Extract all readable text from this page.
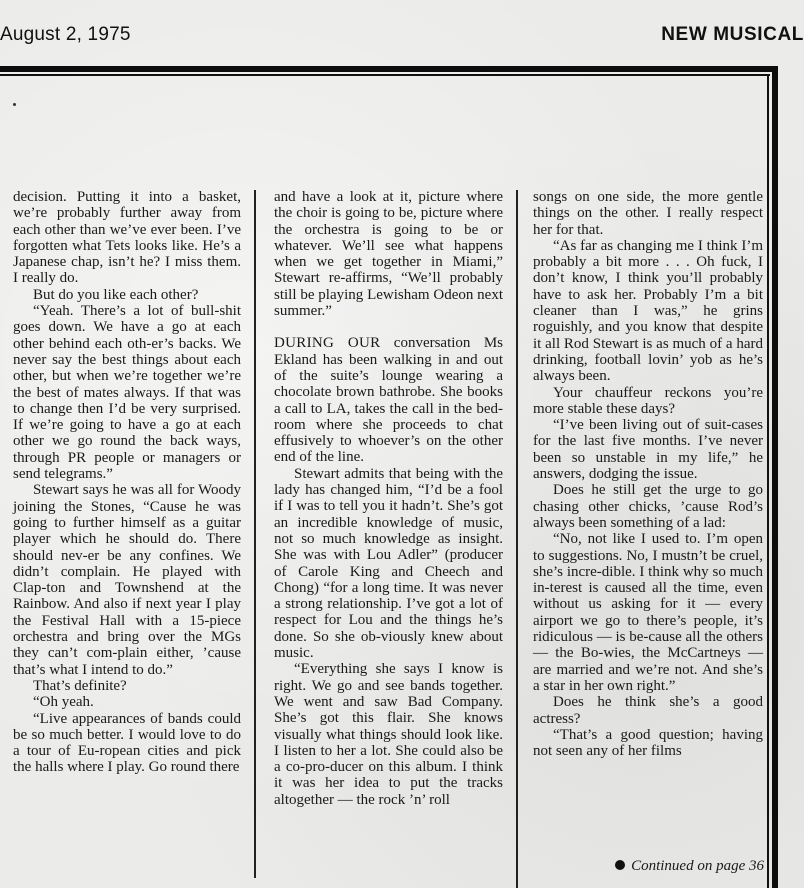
August 2, 1975	NEW MUSICAL

decision. Putting it into a basket, we’re probably further away from each other than we’ve ever been. I’ve forgotten what Tets looks like. He’s a Japanese chap, isn’t he? I miss them. I really do.

But do you like each other?

“Yeah. There’s a lot of bull-shit goes down. We have a go at each other behind each oth-er’s backs. We never say the best things about each other, but when we’re together we’re the best of mates always. If that was to change then I’d be very surprised. If we’re going to have a go at each other we go round the back ways, through PR people or managers or send telegrams.”

Stewart says he was all for Woody joining the Stones, “Cause he was going to further himself as a guitar player which he should do. There should nev-er be any confines. We didn’t complain. He played with Clap-ton and Townshend at the Rainbow. And also if next year I play the Festival Hall with a 15-piece orchestra and bring over the MGs they can’t com-plain either, ’cause that’s what I intend to do.”

That’s definite?

“Oh yeah.

“Live appearances of bands could be so much better. I would love to do a tour of Eu-ropean cities and pick the halls where I play. Go round there

and have a look at it, picture where the choir is going to be, picture where the orchestra is going to be or whatever. We’ll see what happens when we get together in Miami,” Stewart re-affirms, “We’ll probably still be playing Lewisham Odeon next summer.”

DURING OUR conversation Ms Ekland has been walking in and out of the suite’s lounge wearing a chocolate brown bathrobe. She books a call to LA, takes the call in the bed-room where she proceeds to chat effusively to whoever’s on the other end of the line.

Stewart admits that being with the lady has changed him, “I’d be a fool if I was to tell you it hadn’t. She’s got an incredible knowledge of music, not so much knowledge as insight. She was with Lou Adler” (producer of Carole King and Cheech and Chong) “for a long time. It was never a strong relationship. I’ve got a lot of respect for Lou and the things he’s done. So she ob-viously knew about music.

“Everything she says I know is right. We go and see bands together. We went and saw Bad Company. She’s got this flair. She knows visually what things should look like. I listen to her a lot. She could also be a co-pro-ducer on this album. I think it was her idea to put the tracks altogether — the rock ’n’ roll

songs on one side, the more gentle things on the other. I really respect her for that.

“As far as changing me I think I’m probably a bit more . . . Oh fuck, I don’t know, I think you’ll probably have to ask her. Probably I’m a bit cleaner than I was,” he grins roguishly, and you know that despite it all Rod Stewart is as much of a hard drinking, football lovin’ yob as he’s always been.

Your chauffeur reckons you’re more stable these days?

“I’ve been living out of suit-cases for the last five months. I’ve never been so unstable in my life,” he answers, dodging the issue.

Does he still get the urge to go chasing other chicks, ’cause Rod’s always been something of a lad:

“No, not like I used to. I’m open to suggestions. No, I mustn’t be cruel, she’s incre-dible. I think why so much in-terest is caused all the time, even without us asking for it — every airport we go to there’s people, it’s ridiculous — is be-cause all the others — the Bo-wies, the McCartneys — are married and we’re not. And she’s a star in her own right.”

Does he think she’s a good actress?

“That’s a good question; having not seen any of her films

Continued on page 36
